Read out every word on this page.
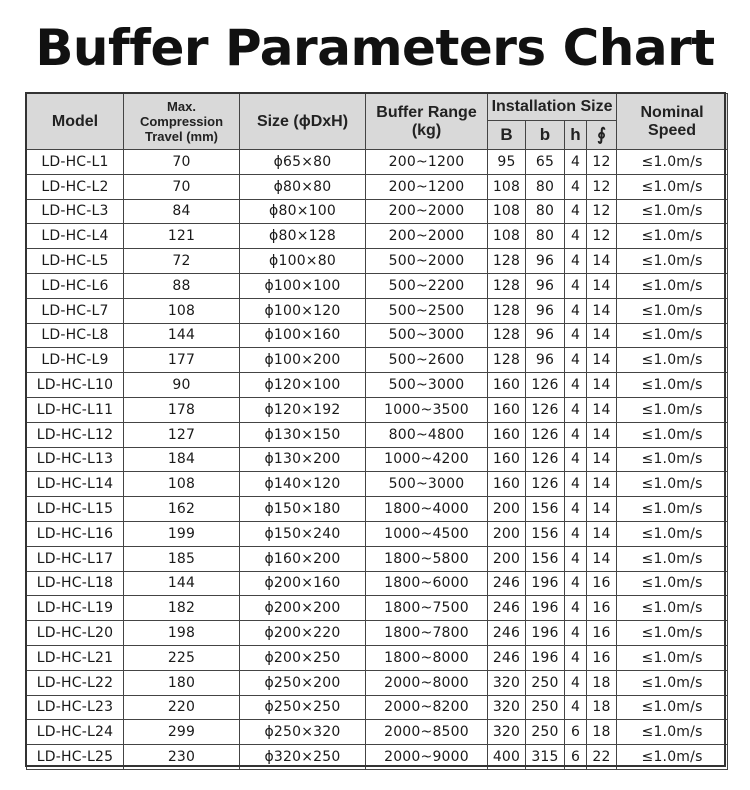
Buffer Parameters Chart
Model	Max. Compression Travel (mm)	Size (ϕDxH)	Buffer Range (kg)	Installation Size				Nominal Speed
				B	b	h	∮	
LD-HC-L1	70	ϕ65×80	200~1200	95	65	4	12	≤1.0m/s
LD-HC-L2	70	ϕ80×80	200~1200	108	80	4	12	≤1.0m/s
LD-HC-L3	84	ϕ80×100	200~2000	108	80	4	12	≤1.0m/s
LD-HC-L4	121	ϕ80×128	200~2000	108	80	4	12	≤1.0m/s
LD-HC-L5	72	ϕ100×80	500~2000	128	96	4	14	≤1.0m/s
LD-HC-L6	88	ϕ100×100	500~2200	128	96	4	14	≤1.0m/s
LD-HC-L7	108	ϕ100×120	500~2500	128	96	4	14	≤1.0m/s
LD-HC-L8	144	ϕ100×160	500~3000	128	96	4	14	≤1.0m/s
LD-HC-L9	177	ϕ100×200	500~2600	128	96	4	14	≤1.0m/s
LD-HC-L10	90	ϕ120×100	500~3000	160	126	4	14	≤1.0m/s
LD-HC-L11	178	ϕ120×192	1000~3500	160	126	4	14	≤1.0m/s
LD-HC-L12	127	ϕ130×150	800~4800	160	126	4	14	≤1.0m/s
LD-HC-L13	184	ϕ130×200	1000~4200	160	126	4	14	≤1.0m/s
LD-HC-L14	108	ϕ140×120	500~3000	160	126	4	14	≤1.0m/s
LD-HC-L15	162	ϕ150×180	1800~4000	200	156	4	14	≤1.0m/s
LD-HC-L16	199	ϕ150×240	1000~4500	200	156	4	14	≤1.0m/s
LD-HC-L17	185	ϕ160×200	1800~5800	200	156	4	14	≤1.0m/s
LD-HC-L18	144	ϕ200×160	1800~6000	246	196	4	16	≤1.0m/s
LD-HC-L19	182	ϕ200×200	1800~7500	246	196	4	16	≤1.0m/s
LD-HC-L20	198	ϕ200×220	1800~7800	246	196	4	16	≤1.0m/s
LD-HC-L21	225	ϕ200×250	1800~8000	246	196	4	16	≤1.0m/s
LD-HC-L22	180	ϕ250×200	2000~8000	320	250	4	18	≤1.0m/s
LD-HC-L23	220	ϕ250×250	2000~8200	320	250	4	18	≤1.0m/s
LD-HC-L24	299	ϕ250×320	2000~8500	320	250	6	18	≤1.0m/s
LD-HC-L25	230	ϕ320×250	2000~9000	400	315	6	22	≤1.0m/s
